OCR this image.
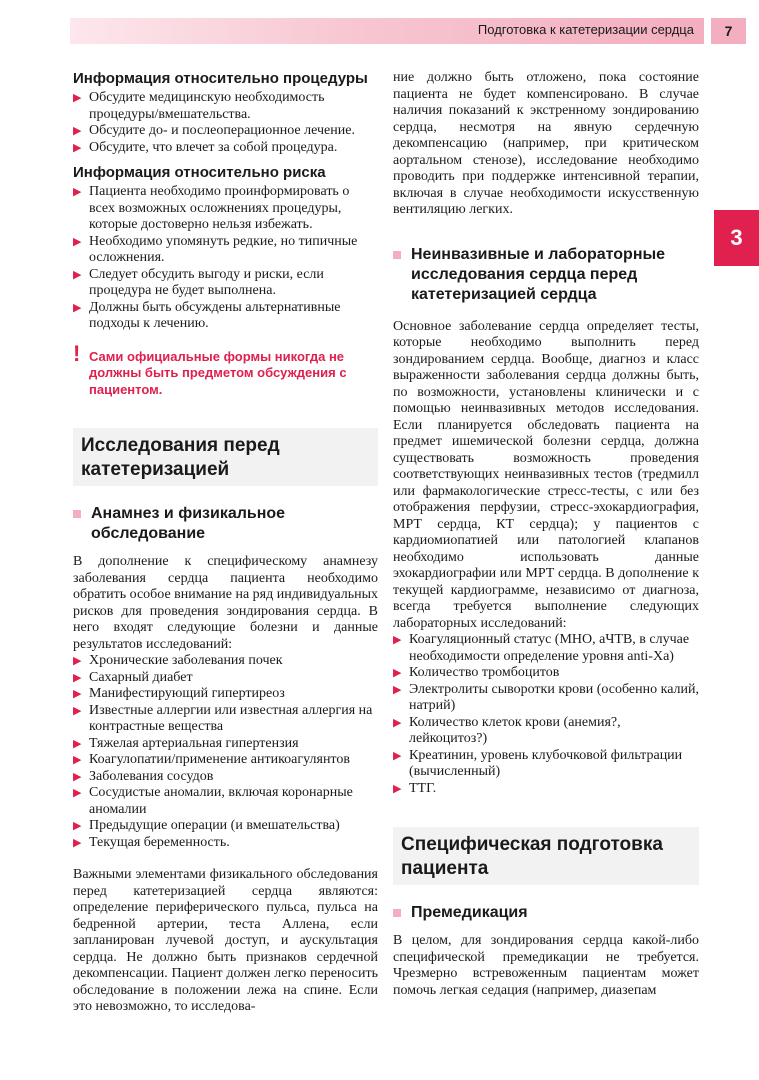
Подготовка к катетеризации сердца	7
3
Информация относительно процедуры
▶ Обсудите медицинскую необходимость процедуры/вмешательства.
▶ Обсудите до- и послеоперационное лечение.
▶ Обсудите, что влечет за собой процедура.
Информация относительно риска
▶ Пациента необходимо проинформировать о всех возможных осложнениях процедуры, которые достоверно нельзя избежать.
▶ Необходимо упомянуть редкие, но типичные осложнения.
▶ Следует обсудить выгоду и риски, если процедура не будет выполнена.
▶ Должны быть обсуждены альтернативные подходы к лечению.
! Сами официальные формы никогда не должны быть предметом обсуждения с пациентом.
Исследования перед катетеризацией
Анамнез и физикальное обследование

В дополнение к специфическому анамнезу заболевания сердца пациента необходимо обратить особое внимание на ряд индивидуальных рисков для проведения зондирования сердца. В него входят следующие болезни и данные результатов исследований:

▶ Хронические заболевания почек
▶ Сахарный диабет
▶ Манифестирующий гипертиреоз
▶ Известные аллергии или известная аллергия на контрастные вещества
▶ Тяжелая артериальная гипертензия
▶ Коагулопатии/применение антикоагулянтов
▶ Заболевания сосудов
▶ Сосудистые аномалии, включая коронарные аномалии
▶ Предыдущие операции (и вмешательства)
▶ Текущая беременность.

Важными элементами физикального обследования перед катетеризацией сердца являются: определение периферического пульса, пульса на бедренной артерии, теста Аллена, если запланирован лучевой доступ, и аускультация сердца. Не должно быть признаков сердечной декомпенсации. Пациент должен легко переносить обследование в положении лежа на спине. Если это невозможно, то исследова-

ние должно быть отложено, пока состояние пациента не будет компенсировано. В случае наличия показаний к экстренному зондированию сердца, несмотря на явную сердечную декомпенсацию (например, при критическом аортальном стенозе), исследование необходимо проводить при поддержке интенсивной терапии, включая в случае необходимости искусственную вентиляцию легких.

Неинвазивные и лабораторные исследования сердца перед катетеризацией сердца

Основное заболевание сердца определяет тесты, которые необходимо выполнить перед зондированием сердца. Вообще, диагноз и класс выраженности заболевания сердца должны быть, по возможности, установлены клинически и с помощью неинвазивных методов исследования. Если планируется обследовать пациента на предмет ишемической болезни сердца, должна существовать возможность проведения соответствующих неинвазивных тестов (тредмилл или фармакологические стресс-тесты, с или без отображения перфузии, стресс-эхокардиография, МРТ сердца, КТ сердца); у пациентов с кардиомиопатией или патологией клапанов необходимо использовать данные эхокардиографии или МРТ сердца. В дополнение к текущей кардиограмме, независимо от диагноза, всегда требуется выполнение следующих лабораторных исследований:

▶ Коагуляционный статус (МНО, аЧТВ, в случае необходимости определение уровня anti-Xa)
▶ Количество тромбоцитов
▶ Электролиты сыворотки крови (особенно калий, натрий)
▶ Количество клеток крови (анемия?, лейкоцитоз?)
▶ Креатинин, уровень клубочковой фильтрации (вычисленный)
▶ ТТГ.
Специфическая подготовка пациента
Премедикация

В целом, для зондирования сердца какой-либо специфической премедикации не требуется. Чрезмерно встревоженным пациентам может помочь легкая седация (например, диазепам
